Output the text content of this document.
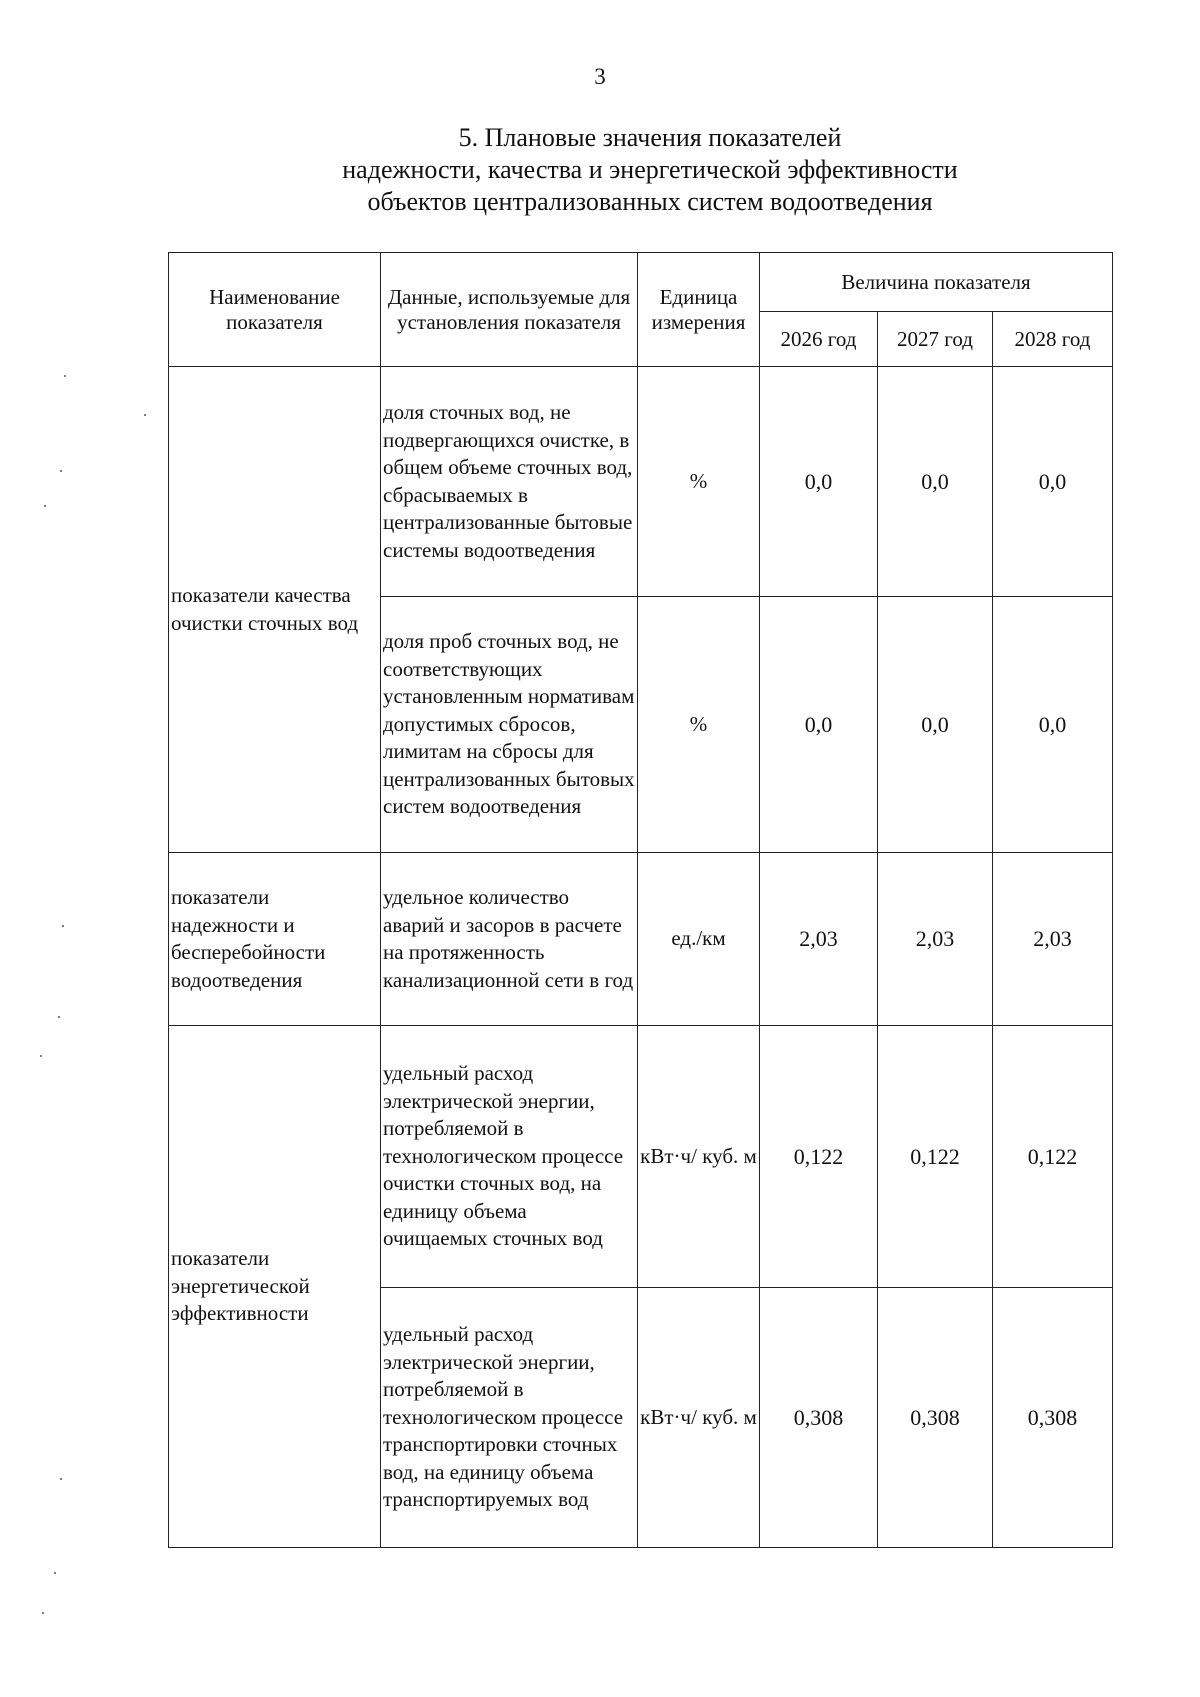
3
5. Плановые значения показателей
надежности, качества и энергетической эффективности
объектов централизованных систем водоотведения
Наименование показателя	Данные, используемые для установления показателя	Единица измерения	Величина показателя		
			2026 год	2027 год	2028 год
показатели качества очистки сточных вод	доля сточных вод, не подвергающихся очистке, в общем объеме сточных вод, сбрасываемых в централизованные бытовые системы водоотведения	%	0,0	0,0	0,0
	доля проб сточных вод, не соответствующих установленным нормативам допустимых сбросов, лимитам на сбросы для централизованных бытовых систем водоотведения	%	0,0	0,0	0,0
показатели надежности и бесперебойности водоотведения	удельное количество аварий и засоров в расчете на протяженность канализационной сети в год	ед./км	2,03	2,03	2,03
показатели энергетической эффективности	удельный расход электрической энергии, потребляемой в технологическом процессе очистки сточных вод, на единицу объема очищаемых сточных вод	кВт·ч/ куб. м	0,122	0,122	0,122
	удельный расход электрической энергии, потребляемой в технологическом процессе транспортировки сточных вод, на единицу объема транспортируемых вод	кВт·ч/ куб. м	0,308	0,308	0,308
